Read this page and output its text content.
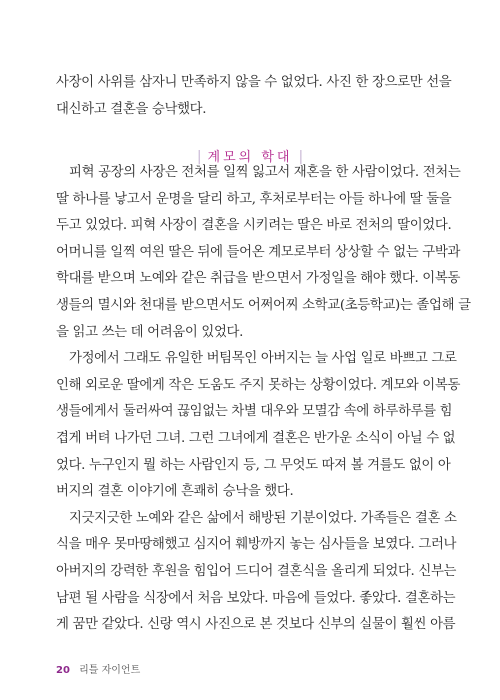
사장이 사위를 삼자니 만족하지 않을 수 없었다. 사진 한 장으로만 선을
대신하고 결혼을 승낙했다.
| 계모의 학대 |
피혁 공장의 사장은 전처를 일찍 잃고서 재혼을 한 사람이었다. 전처는
딸 하나를 낳고서 운명을 달리 하고, 후처로부터는 아들 하나에 딸 둘을
두고 있었다. 피혁 사장이 결혼을 시키려는 딸은 바로 전처의 딸이었다.
어머니를 일찍 여읜 딸은 뒤에 들어온 계모로부터 상상할 수 없는 구박과
학대를 받으며 노예와 같은 취급을 받으면서 가정일을 해야 했다. 이복동
생들의 멸시와 천대를 받으면서도 어쩌어찌 소학교(초등학교)는 졸업해 글
을 읽고 쓰는 데 어려움이 있었다.
가정에서 그래도 유일한 버팀목인 아버지는 늘 사업 일로 바쁘고 그로
인해 외로운 딸에게 작은 도움도 주지 못하는 상황이었다. 계모와 이복동
생들에게서 둘러싸여 끊임없는 차별 대우와 모멸감 속에 하루하루를 힘
겹게 버텨 나가던 그녀. 그런 그녀에게 결혼은 반가운 소식이 아닐 수 없
었다. 누구인지 뭘 하는 사람인지 등, 그 무엇도 따져 볼 겨를도 없이 아
버지의 결혼 이야기에 흔쾌히 승낙을 했다.
지긋지긋한 노예와 같은 삶에서 해방된 기분이었다. 가족들은 결혼 소
식을 매우 못마땅해했고 심지어 훼방까지 놓는 심사들을 보였다. 그러나
아버지의 강력한 후원을 힘입어 드디어 결혼식을 올리게 되었다. 신부는
남편 될 사람을 식장에서 처음 보았다. 마음에 들었다. 좋았다. 결혼하는
게 꿈만 같았다. 신랑 역시 사진으로 본 것보다 신부의 실물이 훨씬 아름
20 리틀 자이언트
